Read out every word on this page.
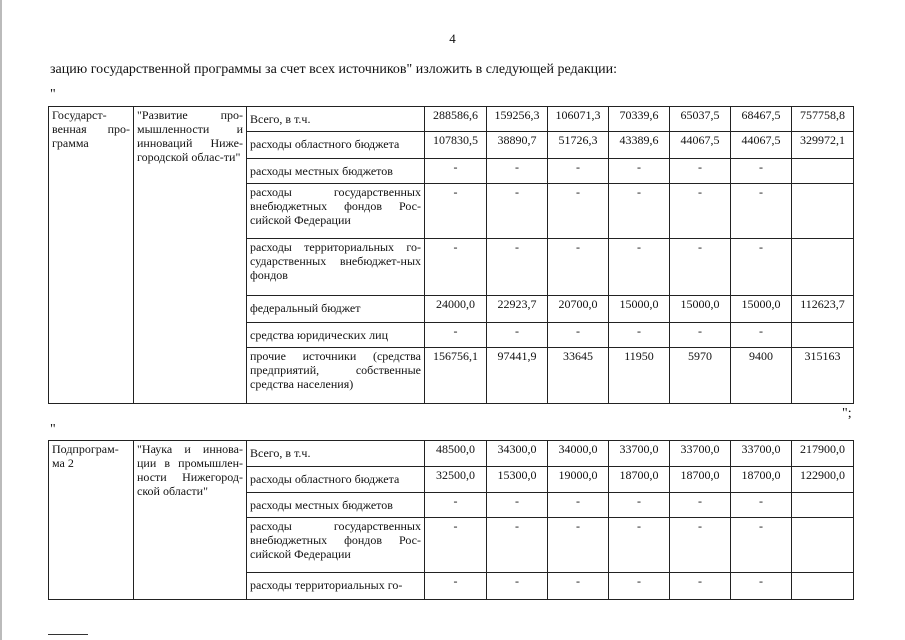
4
зацию государственной программы за счет всех источников" изложить в следующей редакции:
"
Государст-венная про-грамма	"Развитие про-мышленности и инноваций Ниже-городской облас-ти"	Всего, в т.ч.	288586,6	159256,3	106071,3	70339,6	65037,5	68467,5	757758,8
		расходы областного бюджета	107830,5	38890,7	51726,3	43389,6	44067,5	44067,5	329972,1
		расходы местных бюджетов	-	-	-	-	-	-	
		расходы государственных внебюджетных фондов Рос-сийской Федерации	-	-	-	-	-	-	
		расходы территориальных го-сударственных внебюджет-ных фондов	-	-	-	-	-	-	
		федеральный бюджет	24000,0	22923,7	20700,0	15000,0	15000,0	15000,0	112623,7
		средства юридических лиц	-	-	-	-	-	-	
		прочие источники (средства предприятий, собственные средства населения)	156756,1	97441,9	33645	11950	5970	9400	315163
";
"
Подпрограм-ма 2	"Наука и иннова-ции в промышлен-ности Нижегород-ской области"	Всего, в т.ч.	48500,0	34300,0	34000,0	33700,0	33700,0	33700,0	217900,0
		расходы областного бюджета	32500,0	15300,0	19000,0	18700,0	18700,0	18700,0	122900,0
		расходы местных бюджетов	-	-	-	-	-	-	
		расходы государственных внебюджетных фондов Рос-сийской Федерации	-	-	-	-	-	-	
		расходы территориальных го-	-	-	-	-	-	-	
